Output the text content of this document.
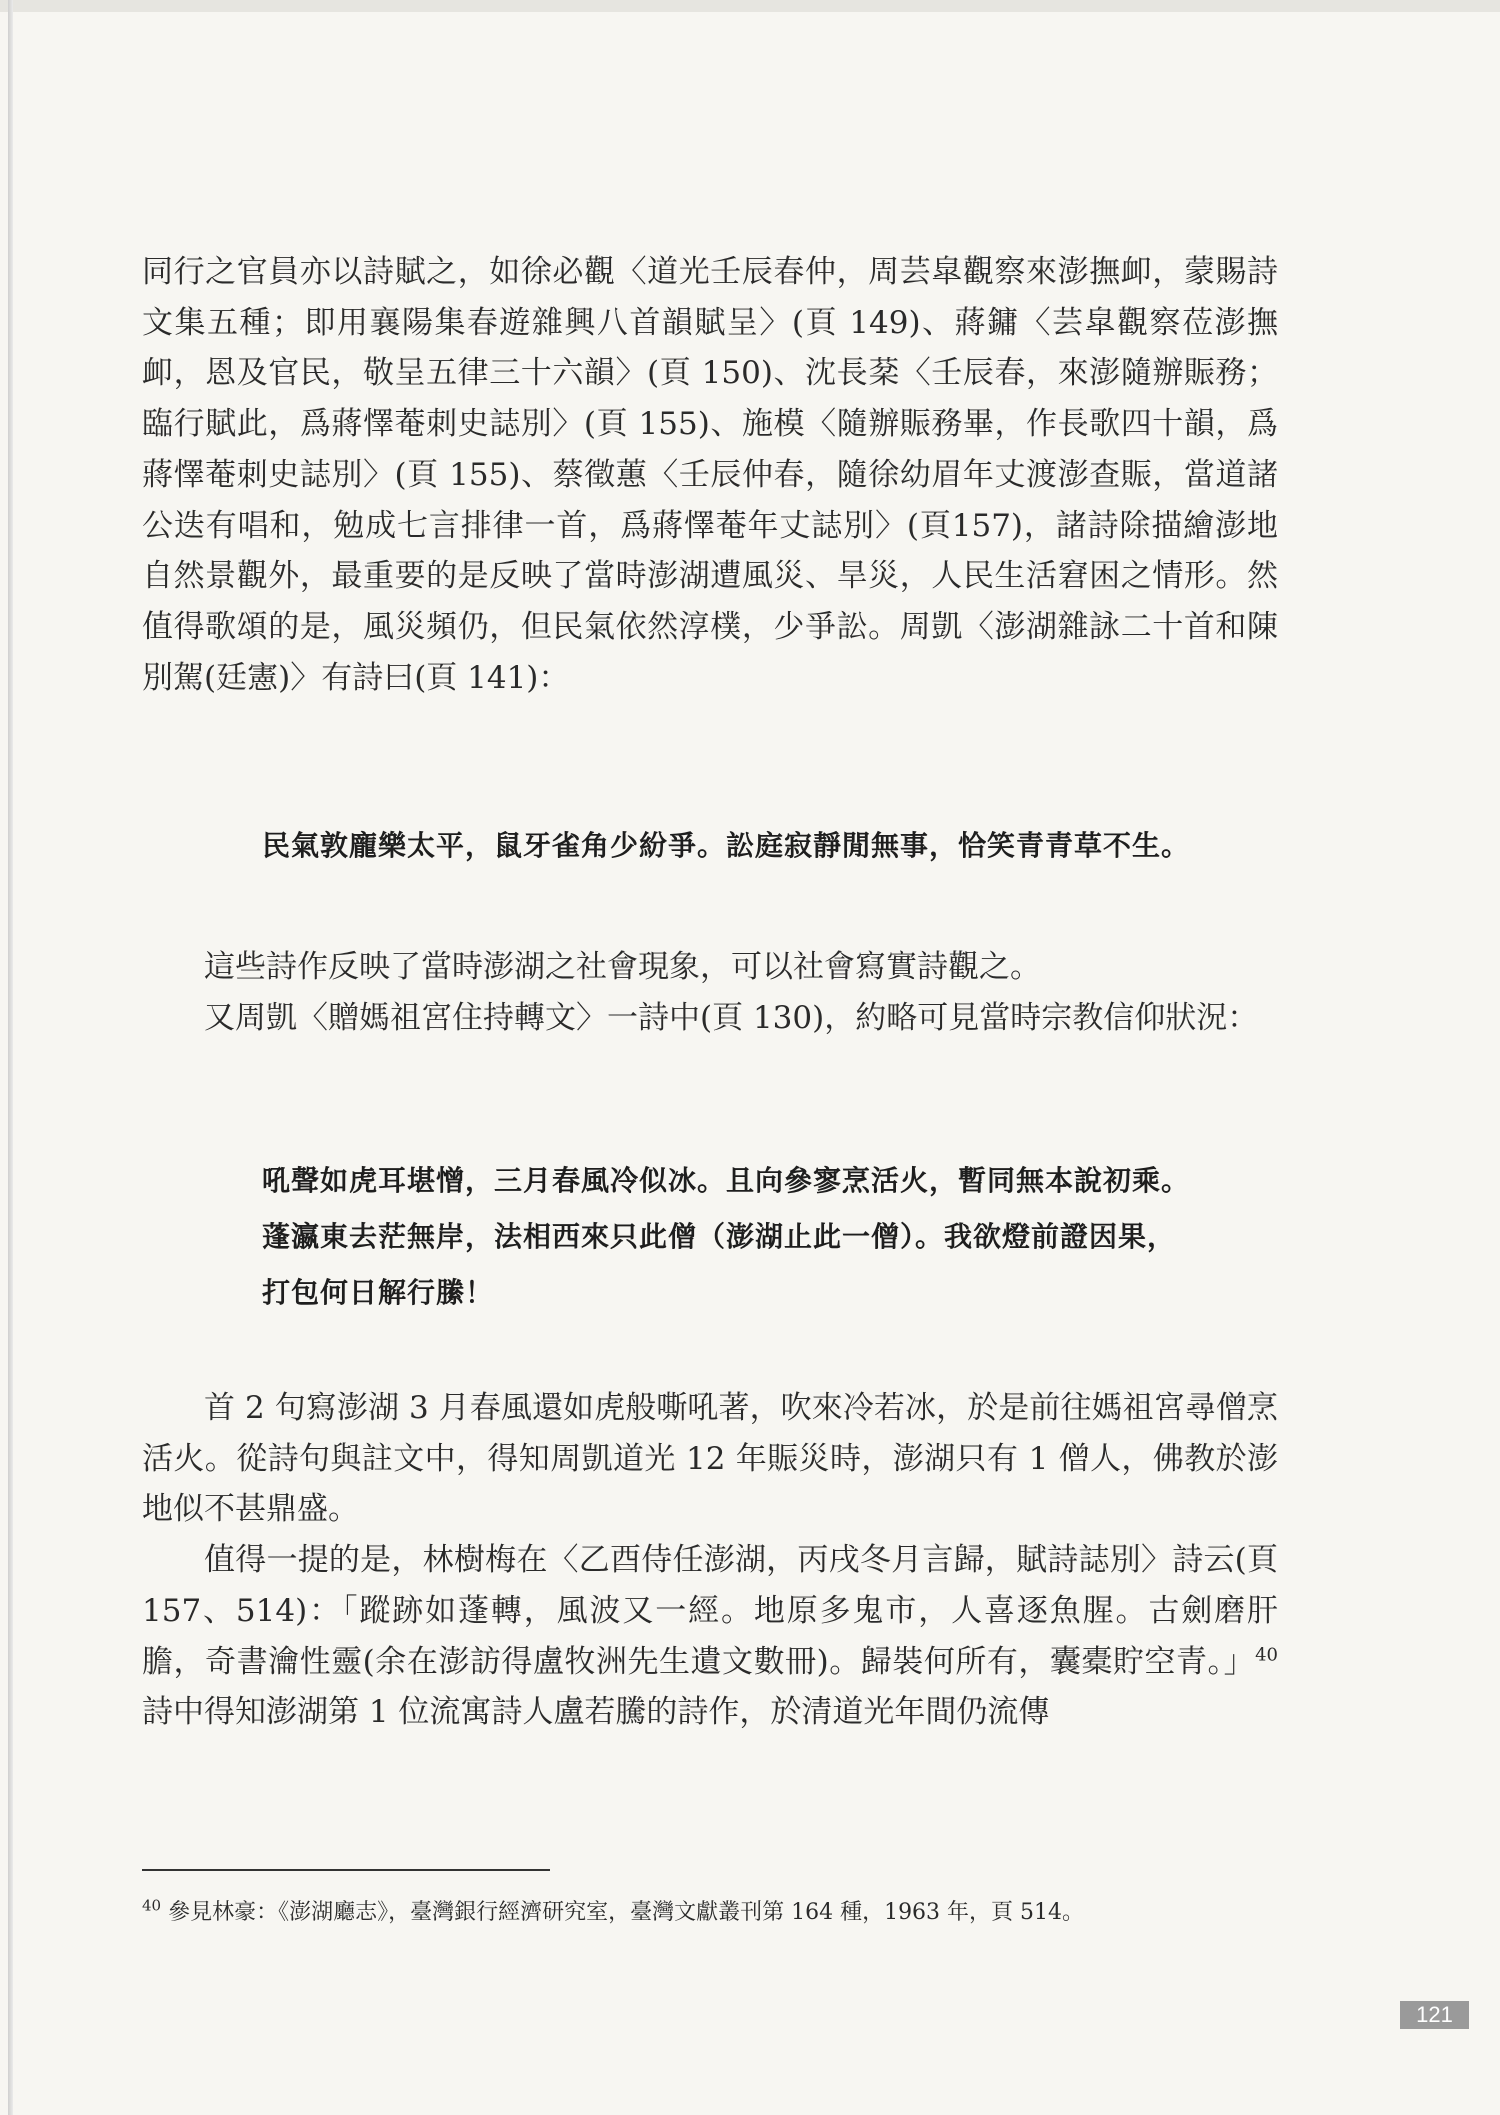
同行之官員亦以詩賦之，如徐必觀〈道光壬辰春仲，周芸皐觀察來澎撫卹，蒙賜詩文集五種；即用襄陽集春遊雜興八首韻賦呈〉(頁 149)、蔣鏞〈芸皐觀察莅澎撫卹，恩及官民，敬呈五律三十六韻〉(頁 150)、沈長棻〈壬辰春，來澎隨辦賑務；臨行賦此，爲蔣懌菴刺史誌別〉(頁 155)、施模〈隨辦賑務畢，作長歌四十韻，爲蔣懌菴刺史誌別〉(頁 155)、蔡徵蕙〈壬辰仲春，隨徐幼眉年丈渡澎查賑，當道諸公迭有唱和，勉成七言排律一首，爲蔣懌菴年丈誌別〉(頁157)，諸詩除描繪澎地自然景觀外，最重要的是反映了當時澎湖遭風災、旱災，人民生活窘困之情形。然值得歌頌的是，風災頻仍，但民氣依然淳樸，少爭訟。周凱〈澎湖雜詠二十首和陳別駕(廷憲)〉有詩曰(頁 141)：

民氣敦龐樂太平，鼠牙雀角少紛爭。訟庭寂靜閒無事，恰笑青青草不生。

這些詩作反映了當時澎湖之社會現象，可以社會寫實詩觀之。

又周凱〈贈媽祖宮住持轉文〉一詩中(頁 130)，約略可見當時宗教信仰狀況：

吼聲如虎耳堪憎，三月春風冷似冰。且向參寥烹活火，暫同無本說初乘。

蓬瀛東去茫無岸，法相西來只此僧（澎湖止此一僧）。我欲燈前證因果，

打包何日解行縢！

首 2 句寫澎湖 3 月春風還如虎般嘶吼著，吹來冷若冰，於是前往媽祖宮尋僧烹活火。從詩句與註文中，得知周凱道光 12 年賑災時，澎湖只有 1 僧人，佛教於澎地似不甚鼎盛。

值得一提的是，林樹梅在〈乙酉侍任澎湖，丙戌冬月言歸，賦詩誌別〉詩云(頁157、514)：「蹤跡如蓬轉，風波又一經。地原多鬼市，人喜逐魚腥。古劍磨肝膽，奇書瀹性靈(余在澎訪得盧牧洲先生遺文數冊)。歸裝何所有，囊橐貯空青。」$^{40}$詩中得知澎湖第 1 位流寓詩人盧若騰的詩作，於清道光年間仍流傳

$^{40}$ 參見林豪：《澎湖廳志》，臺灣銀行經濟研究室，臺灣文獻叢刊第 164 種，1963 年，頁 514。
121
